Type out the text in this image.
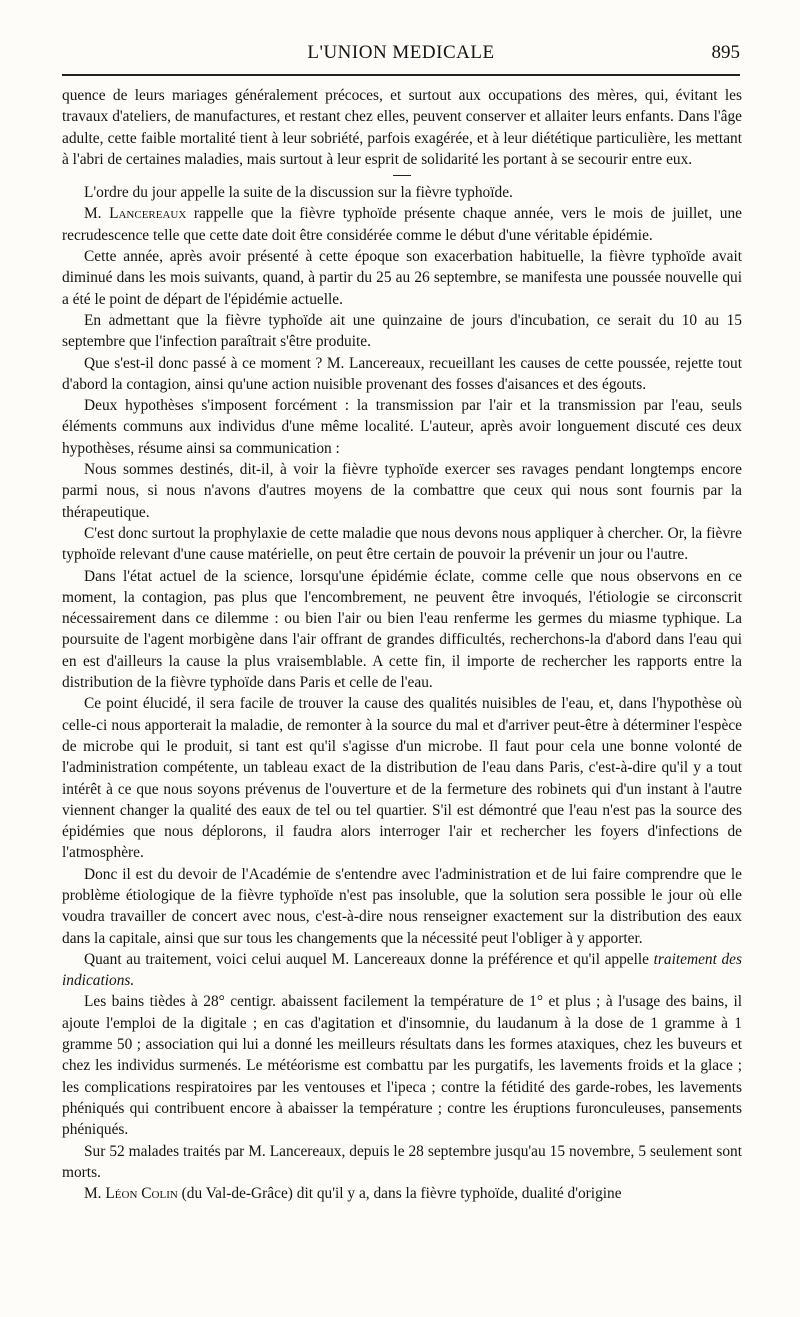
L'UNION MEDICALE	895

quence de leurs mariages généralement précoces, et surtout aux occupations des mères, qui, évitant les travaux d'ateliers, de manufactures, et restant chez elles, peuvent conserver et allaiter leurs enfants. Dans l'âge adulte, cette faible mortalité tient à leur sobriété, parfois exagérée, et à leur diététique particulière, les mettant à l'abri de certaines maladies, mais surtout à leur esprit de solidarité les portant à se secourir entre eux.

L'ordre du jour appelle la suite de la discussion sur la fièvre typhoïde.

M. Lancereaux rappelle que la fièvre typhoïde présente chaque année, vers le mois de juillet, une recrudescence telle que cette date doit être considérée comme le début d'une véritable épidémie.

Cette année, après avoir présenté à cette époque son exacerbation habituelle, la fièvre typhoïde avait diminué dans les mois suivants, quand, à partir du 25 au 26 septembre, se manifesta une poussée nouvelle qui a été le point de départ de l'épidémie actuelle.

En admettant que la fièvre typhoïde ait une quinzaine de jours d'incubation, ce serait du 10 au 15 septembre que l'infection paraîtrait s'être produite.

Que s'est-il donc passé à ce moment ? M. Lancereaux, recueillant les causes de cette poussée, rejette tout d'abord la contagion, ainsi qu'une action nuisible provenant des fosses d'aisances et des égouts.

Deux hypothèses s'imposent forcément : la transmission par l'air et la transmission par l'eau, seuls éléments communs aux individus d'une même localité. L'auteur, après avoir longuement discuté ces deux hypothèses, résume ainsi sa communication :

Nous sommes destinés, dit-il, à voir la fièvre typhoïde exercer ses ravages pendant longtemps encore parmi nous, si nous n'avons d'autres moyens de la combattre que ceux qui nous sont fournis par la thérapeutique.

C'est donc surtout la prophylaxie de cette maladie que nous devons nous appliquer à chercher. Or, la fièvre typhoïde relevant d'une cause matérielle, on peut être certain de pouvoir la prévenir un jour ou l'autre.

Dans l'état actuel de la science, lorsqu'une épidémie éclate, comme celle que nous observons en ce moment, la contagion, pas plus que l'encombrement, ne peuvent être invoqués, l'étiologie se circonscrit nécessairement dans ce dilemme : ou bien l'air ou bien l'eau renferme les germes du miasme typhique. La poursuite de l'agent morbigène dans l'air offrant de grandes difficultés, recherchons-la d'abord dans l'eau qui en est d'ailleurs la cause la plus vraisemblable. A cette fin, il importe de rechercher les rapports entre la distribution de la fièvre typhoïde dans Paris et celle de l'eau.

Ce point élucidé, il sera facile de trouver la cause des qualités nuisibles de l'eau, et, dans l'hypothèse où celle-ci nous apporterait la maladie, de remonter à la source du mal et d'arriver peut-être à déterminer l'espèce de microbe qui le produit, si tant est qu'il s'agisse d'un microbe. Il faut pour cela une bonne volonté de l'administration compétente, un tableau exact de la distribution de l'eau dans Paris, c'est-à-dire qu'il y a tout intérêt à ce que nous soyons prévenus de l'ouverture et de la fermeture des robinets qui d'un instant à l'autre viennent changer la qualité des eaux de tel ou tel quartier. S'il est démontré que l'eau n'est pas la source des épidémies que nous déplorons, il faudra alors interroger l'air et rechercher les foyers d'infections de l'atmosphère.

Donc il est du devoir de l'Académie de s'entendre avec l'administration et de lui faire comprendre que le problème étiologique de la fièvre typhoïde n'est pas insoluble, que la solution sera possible le jour où elle voudra travailler de concert avec nous, c'est-à-dire nous renseigner exactement sur la distribution des eaux dans la capitale, ainsi que sur tous les changements que la nécessité peut l'obliger à y apporter.

Quant au traitement, voici celui auquel M. Lancereaux donne la préférence et qu'il appelle traitement des indications.

Les bains tièdes à 28° centigr. abaissent facilement la température de 1° et plus ; à l'usage des bains, il ajoute l'emploi de la digitale ; en cas d'agitation et d'insomnie, du laudanum à la dose de 1 gramme à 1 gramme 50 ; association qui lui a donné les meilleurs résultats dans les formes ataxiques, chez les buveurs et chez les individus surmenés. Le météorisme est combattu par les purgatifs, les lavements froids et la glace ; les complications respiratoires par les ventouses et l'ipeca ; contre la fétidité des garde-robes, les lavements phéniqués qui contribuent encore à abaisser la température ; contre les éruptions furonculeuses, pansements phéniqués.

Sur 52 malades traités par M. Lancereaux, depuis le 28 septembre jusqu'au 15 novembre, 5 seulement sont morts.

M. Léon Colin (du Val-de-Grâce) dit qu'il y a, dans la fièvre typhoïde, dualité d'origine
